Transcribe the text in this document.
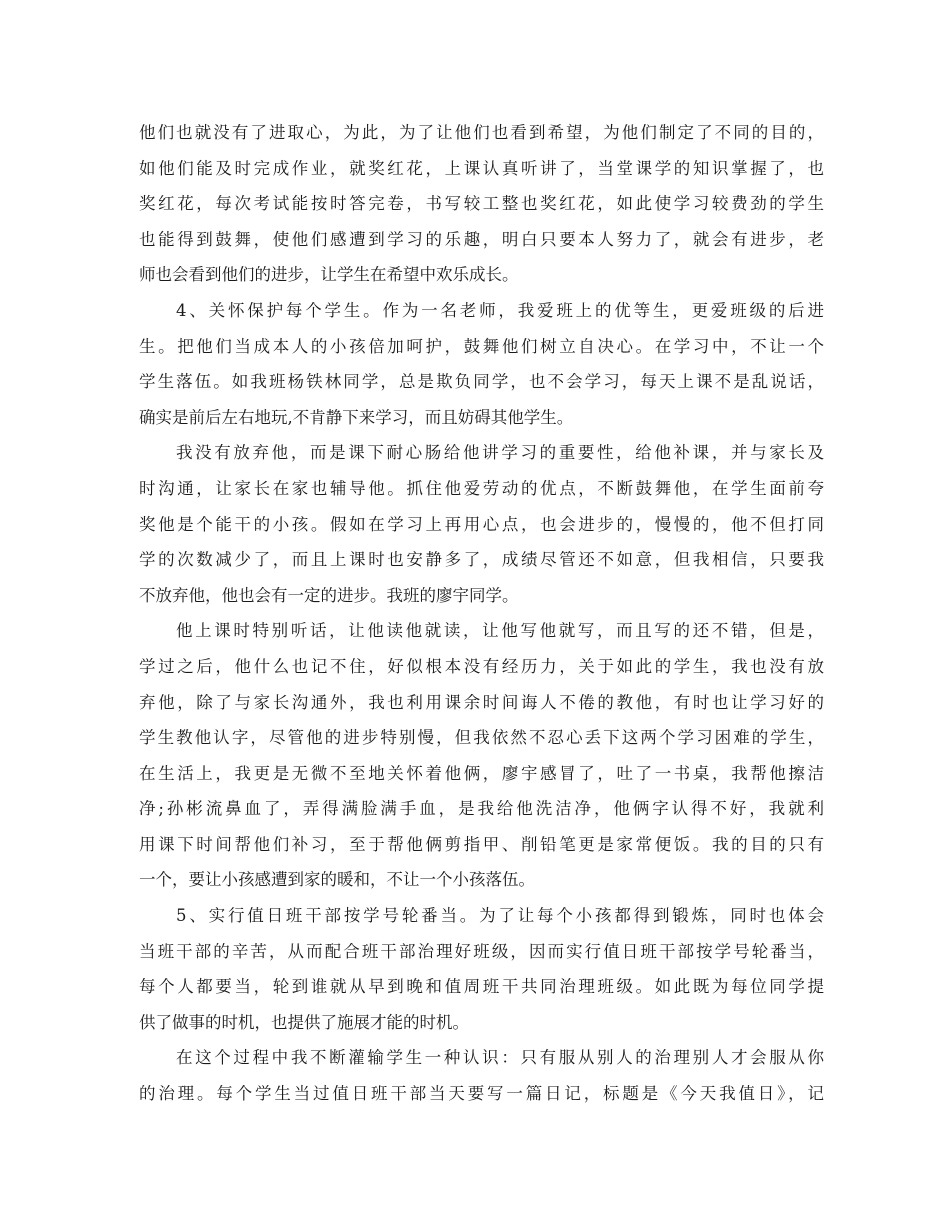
他们也就没有了进取心，为此，为了让他们也看到希望，为他们制定了不同的目的，
如他们能及时完成作业，就奖红花，上课认真听讲了，当堂课学的知识掌握了，也
奖红花，每次考试能按时答完卷，书写较工整也奖红花，如此使学习较费劲的学生
也能得到鼓舞，使他们感遭到学习的乐趣，明白只要本人努力了，就会有进步，老
师也会看到他们的进步，让学生在希望中欢乐成长。
4、关怀保护每个学生。作为一名老师，我爱班上的优等生，更爱班级的后进
生。把他们当成本人的小孩倍加呵护，鼓舞他们树立自决心。在学习中，不让一个
学生落伍。如我班杨铁林同学，总是欺负同学，也不会学习，每天上课不是乱说话，
确实是前后左右地玩,不肯静下来学习，而且妨碍其他学生。
我没有放弃他，而是课下耐心肠给他讲学习的重要性，给他补课，并与家长及
时沟通，让家长在家也辅导他。抓住他爱劳动的优点，不断鼓舞他，在学生面前夸
奖他是个能干的小孩。假如在学习上再用心点，也会进步的，慢慢的，他不但打同
学的次数减少了，而且上课时也安静多了，成绩尽管还不如意，但我相信，只要我
不放弃他，他也会有一定的进步。我班的廖宇同学。
他上课时特别听话，让他读他就读，让他写他就写，而且写的还不错，但是，
学过之后，他什么也记不住，好似根本没有经历力，关于如此的学生，我也没有放
弃他，除了与家长沟通外，我也利用课余时间诲人不倦的教他，有时也让学习好的
学生教他认字，尽管他的进步特别慢，但我依然不忍心丢下这两个学习困难的学生，
在生活上，我更是无微不至地关怀着他俩，廖宇感冒了，吐了一书桌，我帮他擦洁
净;孙彬流鼻血了，弄得满脸满手血，是我给他洗洁净，他俩字认得不好，我就利
用课下时间帮他们补习，至于帮他俩剪指甲、削铅笔更是家常便饭。我的目的只有
一个，要让小孩感遭到家的暖和，不让一个小孩落伍。
5、实行值日班干部按学号轮番当。为了让每个小孩都得到锻炼，同时也体会
当班干部的辛苦，从而配合班干部治理好班级，因而实行值日班干部按学号轮番当，
每个人都要当，轮到谁就从早到晚和值周班干共同治理班级。如此既为每位同学提
供了做事的时机，也提供了施展才能的时机。
在这个过程中我不断灌输学生一种认识：只有服从别人的治理别人才会服从你
的治理。每个学生当过值日班干部当天要写一篇日记，标题是《今天我值日》，记
